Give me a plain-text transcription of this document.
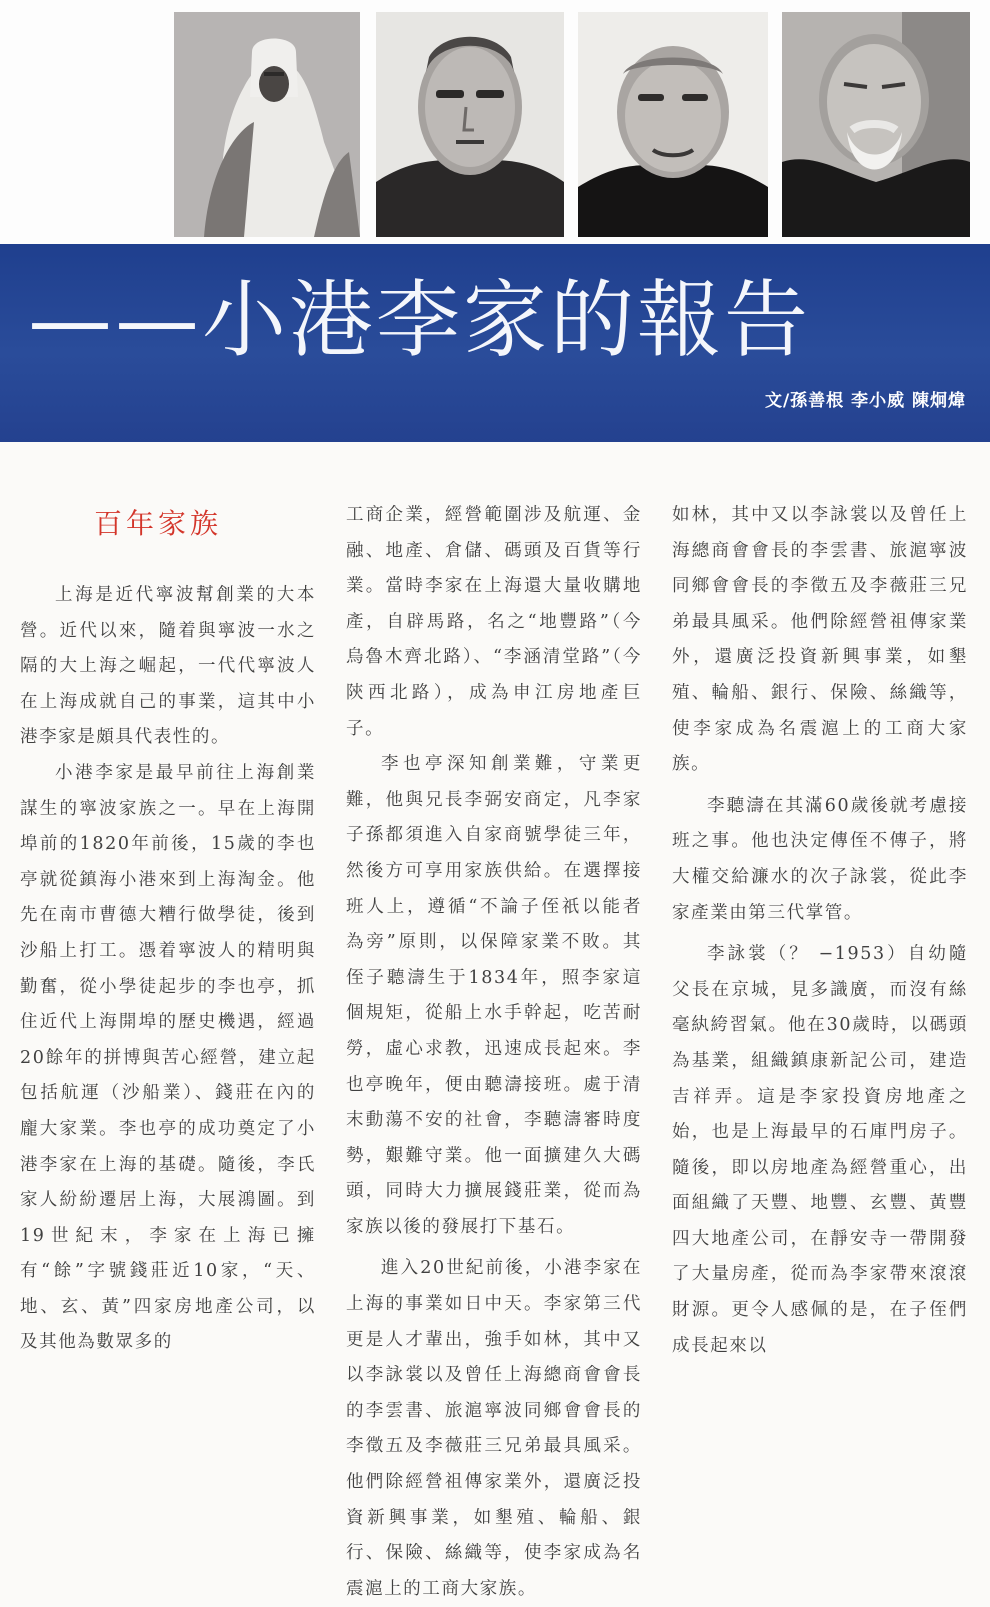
——小港李家的報告
文/孫善根 李小威 陳炯煒
百年家族

上海是近代寧波幫創業的大本營。近代以來，隨着與寧波一水之隔的大上海之崛起，一代代寧波人在上海成就自己的事業，這其中小港李家是頗具代表性的。

小港李家是最早前往上海創業謀生的寧波家族之一。早在上海開埠前的1820年前後，15歲的李也亭就從鎮海小港來到上海淘金。他先在南市曹德大糟行做學徒，後到沙船上打工。憑着寧波人的精明與勤奮，從小學徒起步的李也亭，抓住近代上海開埠的歷史機遇，經過20餘年的拼博與苦心經營，建立起包括航運（沙船業）、錢莊在內的龐大家業。李也亭的成功奠定了小港李家在上海的基礎。隨後，李氏家人紛紛遷居上海，大展鴻圖。到19世紀末，李家在上海已擁有“餘”字號錢莊近10家，“天、地、玄、黃”四家房地產公司，以及其他為數眾多的

工商企業，經營範圍涉及航運、金融、地產、倉儲、碼頭及百貨等行業。當時李家在上海還大量收購地產，自辟馬路，名之“地豐路”（今烏魯木齊北路）、“李涵清堂路”（今陝西北路），成為申江房地產巨子。

李也亭深知創業難，守業更難，他與兄長李弼安商定，凡李家子孫都須進入自家商號學徒三年，然後方可享用家族供給。在選擇接班人上，遵循“不論子侄祇以能者為旁”原則，以保障家業不敗。其侄子聽濤生于1834年，照李家這個規矩，從船上水手幹起，吃苦耐勞，虛心求教，迅速成長起來。李也亭晚年，便由聽濤接班。處于清末動蕩不安的社會，李聽濤審時度勢，艱難守業。他一面擴建久大碼頭，同時大力擴展錢莊業，從而為家族以後的發展打下基石。

進入20世紀前後，小港李家在上海的事業如日中天。李家第三代更是人才輩出，強手如林，其中又以李詠裳以及曾任上海總商會會長的李雲書、旅滬寧波同鄉會會長的李徵五及李薇莊三兄弟最具風采。他們除經營祖傳家業外，還廣泛投資新興事業，如墾殖、輪船、銀行、保險、絲織等，使李家成為名震滬上的工商大家族。

如林，其中又以李詠裳以及曾任上海總商會會長的李雲書、旅滬寧波同鄉會會長的李徵五及李薇莊三兄弟最具風采。他們除經營祖傳家業外，還廣泛投資新興事業，如墾殖、輪船、銀行、保險、絲織等，使李家成為名震滬上的工商大家族。

李聽濤在其滿60歲後就考慮接班之事。他也決定傳侄不傳子，將大權交給濂水的次子詠裳，從此李家產業由第三代掌管。

李詠裳（？ −1953）自幼隨父長在京城，見多識廣，而沒有絲毫紈絝習氣。他在30歲時，以碼頭為基業，組織鎮康新記公司，建造吉祥弄。這是李家投資房地產之始，也是上海最早的石庫門房子。隨後，即以房地產為經營重心，出面組織了天豐、地豐、玄豐、黃豐四大地產公司，在靜安寺一帶開發了大量房產，從而為李家帶來滾滾財源。更令人感佩的是，在子侄們成長起來以
